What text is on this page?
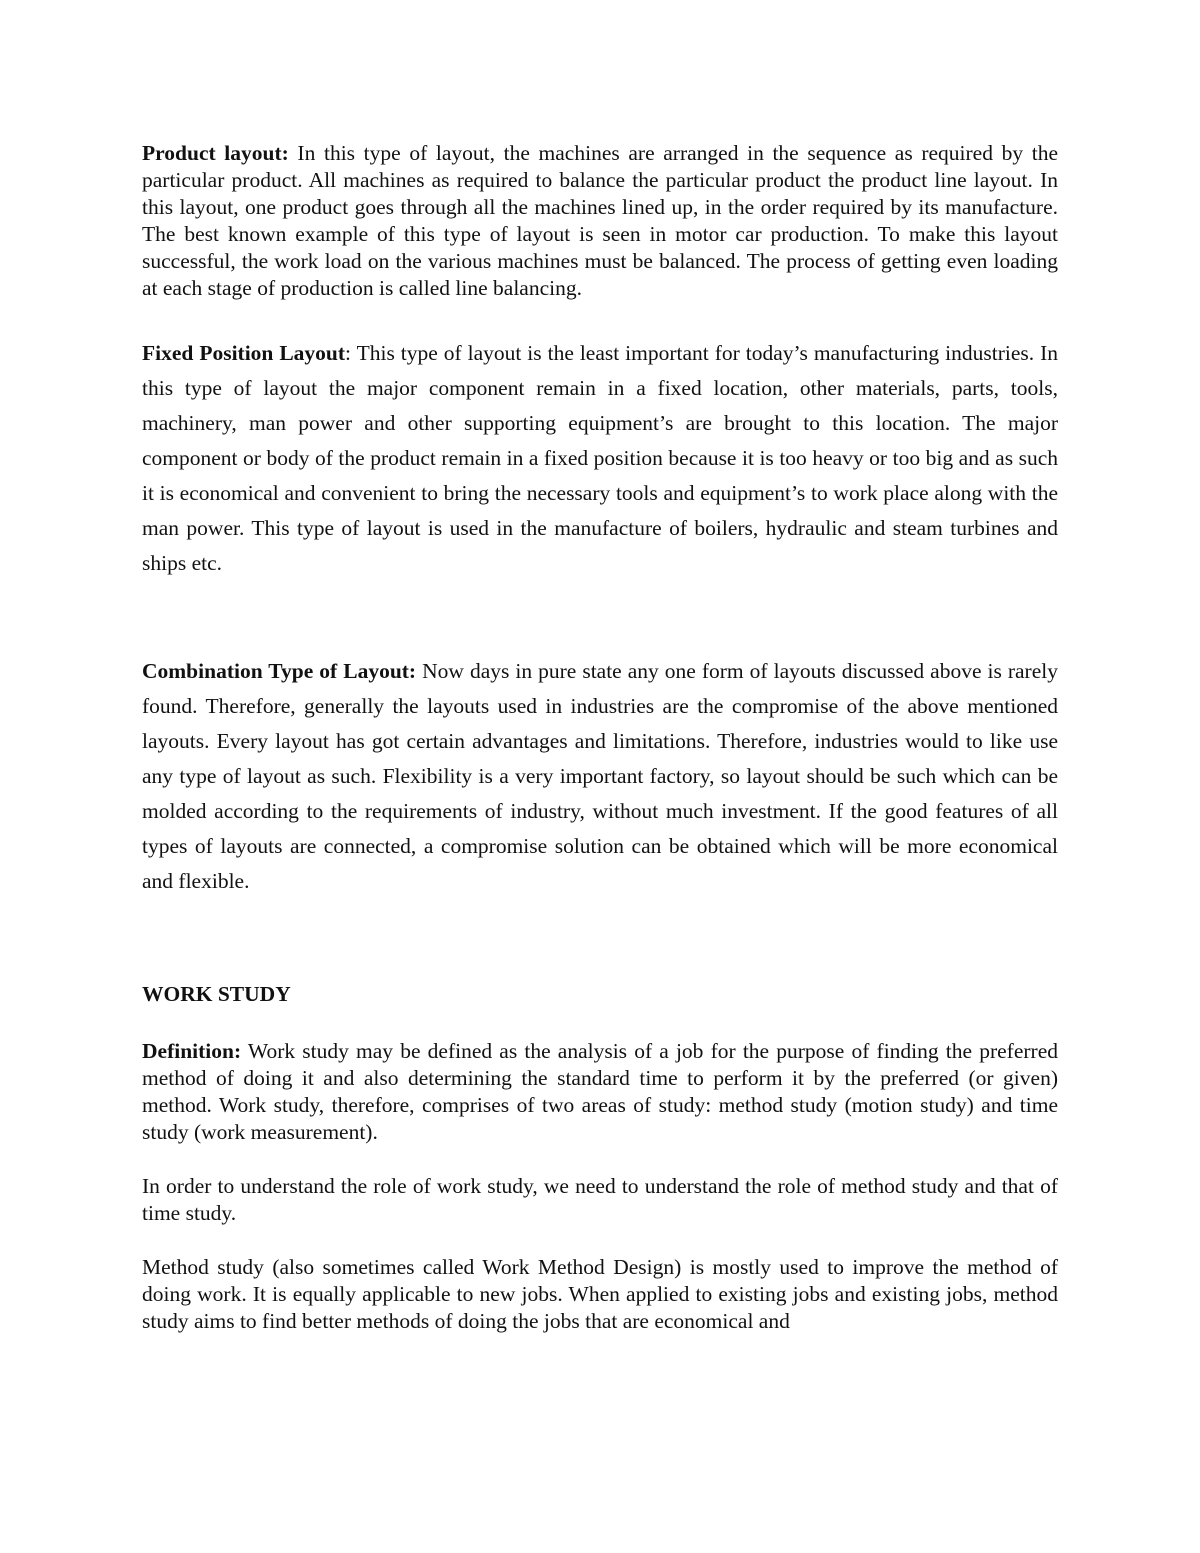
Product layout: In this type of layout, the machines are arranged in the sequence as required by the particular product. All machines as required to balance the particular product the product line layout. In this layout, one product goes through all the machines lined up, in the order required by its manufacture. The best known example of this type of layout is seen in motor car production. To make this layout successful, the work load on the various machines must be balanced. The process of getting even loading at each stage of production is called line balancing.

Fixed Position Layout: This type of layout is the least important for today’s manufacturing industries. In this type of layout the major component remain in a fixed location, other materials, parts, tools, machinery, man power and other supporting equipment’s are brought to this location. The major component or body of the product remain in a fixed position because it is too heavy or too big and as such it is economical and convenient to bring the necessary tools and equipment’s to work place along with the man power. This type of layout is used in the manufacture of boilers, hydraulic and steam turbines and ships etc.

Combination Type of Layout: Now days in pure state any one form of layouts discussed above is rarely found. Therefore, generally the layouts used in industries are the compromise of the above mentioned layouts. Every layout has got certain advantages and limitations. Therefore, industries would to like use any type of layout as such. Flexibility is a very important factory, so layout should be such which can be molded according to the requirements of industry, without much investment. If the good features of all types of layouts are connected, a compromise solution can be obtained which will be more economical and flexible.

WORK STUDY

Definition: Work study may be defined as the analysis of a job for the purpose of finding the preferred method of doing it and also determining the standard time to perform it by the preferred (or given) method. Work study, therefore, comprises of two areas of study: method study (motion study) and time study (work measurement).

In order to understand the role of work study, we need to understand the role of method study and that of time study.

Method study (also sometimes called Work Method Design) is mostly used to improve the method of doing work. It is equally applicable to new jobs. When applied to existing jobs and existing jobs, method study aims to find better methods of doing the jobs that are economical and
